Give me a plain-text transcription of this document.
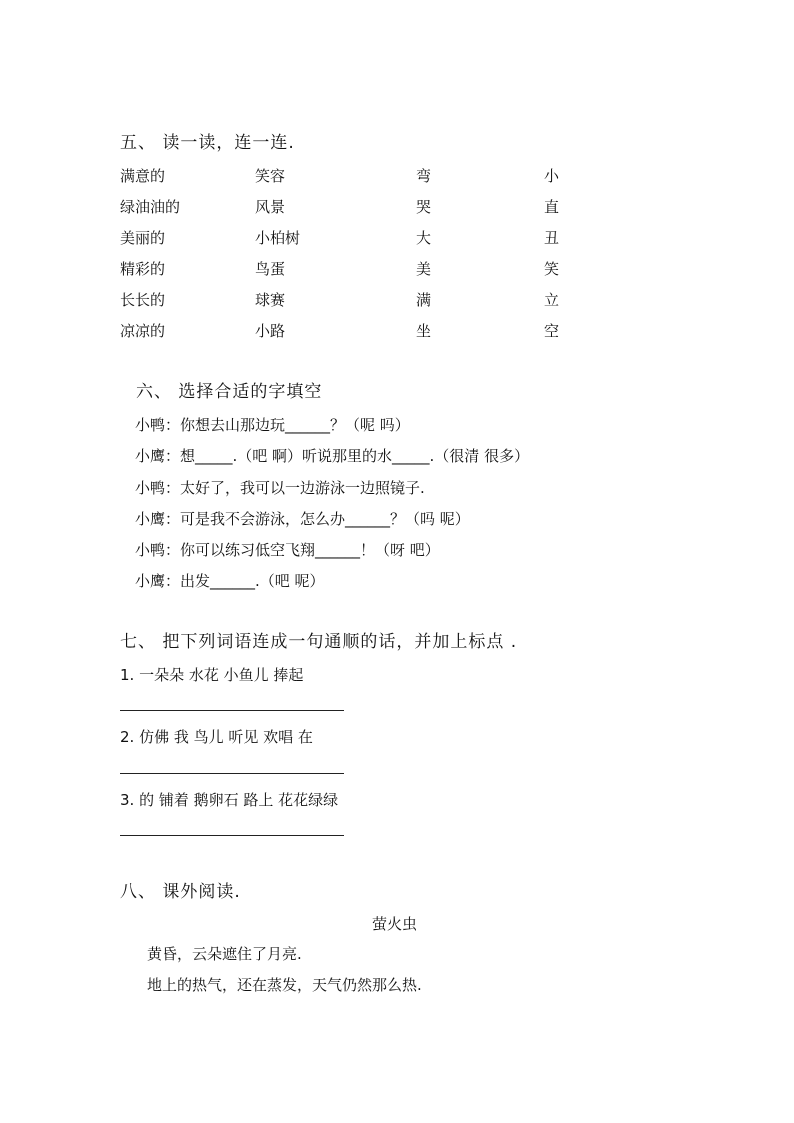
五、 读一读，连一连.
满意的	笑容	弯	小
绿油油的	风景	哭	直
美丽的	小柏树	大	丑
精彩的	鸟蛋	美	笑
长长的	球赛	满	立
凉凉的	小路	坐	空
六、 选择合适的字填空
小鸭：你想去山那边玩______？（呢 吗）
小鹰：想_____.（吧 啊）听说那里的水_____.（很清 很多）
小鸭：太好了，我可以一边游泳一边照镜子.
小鹰：可是我不会游泳，怎么办______？（吗 呢）
小鸭：你可以练习低空飞翔______！（呀 吧）
小鹰：出发______.（吧 呢）
七、 把下列词语连成一句通顺的话，并加上标点 .
1. 一朵朵 水花 小鱼儿 捧起
2. 仿佛 我 鸟儿 听见 欢唱 在
3. 的 铺着 鹅卵石 路上 花花绿绿
八、 课外阅读.
萤火虫
黄昏，云朵遮住了月亮.
地上的热气，还在蒸发，天气仍然那么热.
